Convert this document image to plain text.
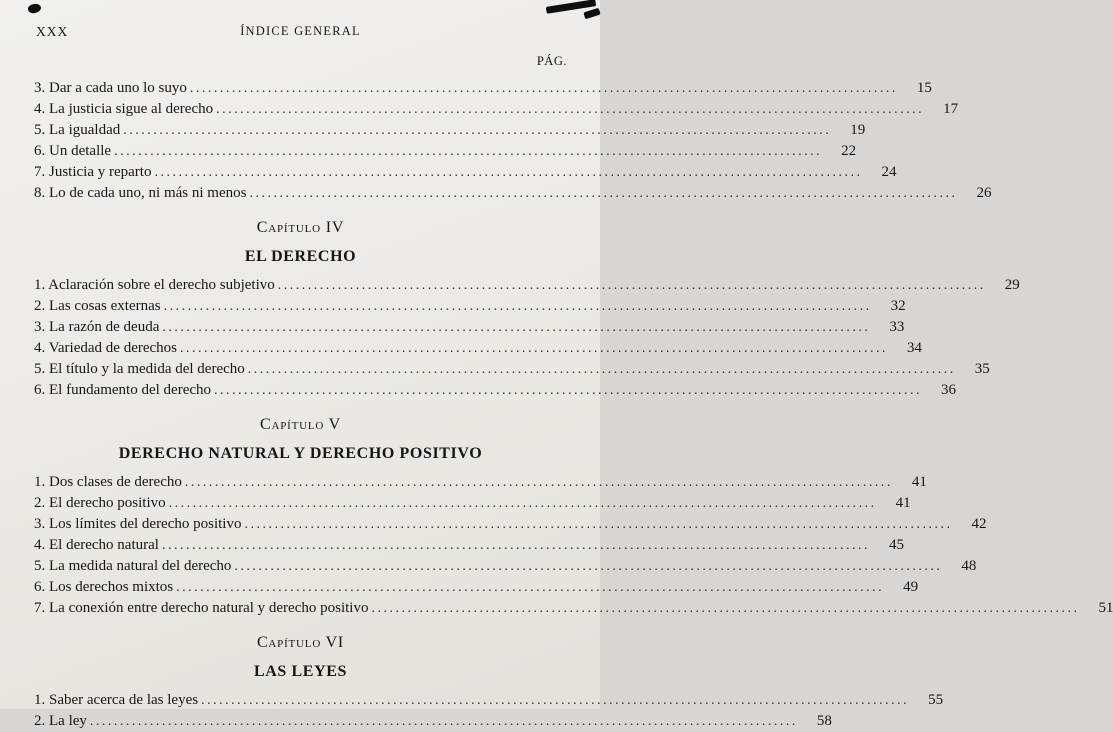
XXX	ÍNDICE GENERAL
PÁG.
3. Dar a cada uno lo suyo .....	15
4. La justicia sigue al derecho .....	17
5. La igualdad .....	19
6. Un detalle .....	22
7. Justicia y reparto .....	24
8. Lo de cada uno, ni más ni menos .....	26
Capítulo IV
EL DERECHO
1. Aclaración sobre el derecho subjetivo .....	29
2. Las cosas externas .....	32
3. La razón de deuda .....	33
4. Variedad de derechos .....	34
5. El título y la medida del derecho .....	35
6. El fundamento del derecho .....	36
Capítulo V
DERECHO NATURAL Y DERECHO POSITIVO
1. Dos clases de derecho .....	41
2. El derecho positivo .....	41
3. Los límites del derecho positivo .....	42
4. El derecho natural .....	45
5. La medida natural del derecho .....	48
6. Los derechos mixtos .....	49
7. La conexión entre derecho natural y derecho positivo .....	51
Capítulo VI
LAS LEYES
1. Saber acerca de las leyes .....	55
2. La ley .....	58
